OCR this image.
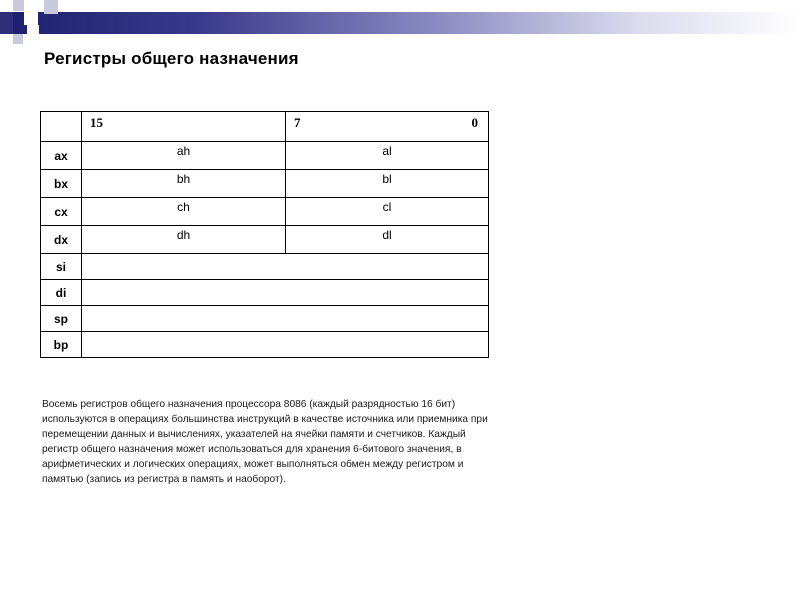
Регистры общего назначения
	15	7 0

ax	ah	al
bx	bh	bl
cx	ch	cl
dx	dh	dl
si		
di		
sp		
bp		
Восемь регистров общего назначения процессора 8086 (каждый разрядностью 16 бит)
используются в операциях большинства инструкций в качестве источника или приемника при
перемещении данных и вычислениях, указателей на ячейки памяти и счетчиков. Каждый
регистр общего назначения может использоваться для хранения 6-битового значения, в
арифметических и логических операциях, может выполняться обмен между регистром и
памятью (запись из регистра в память и наоборот).
